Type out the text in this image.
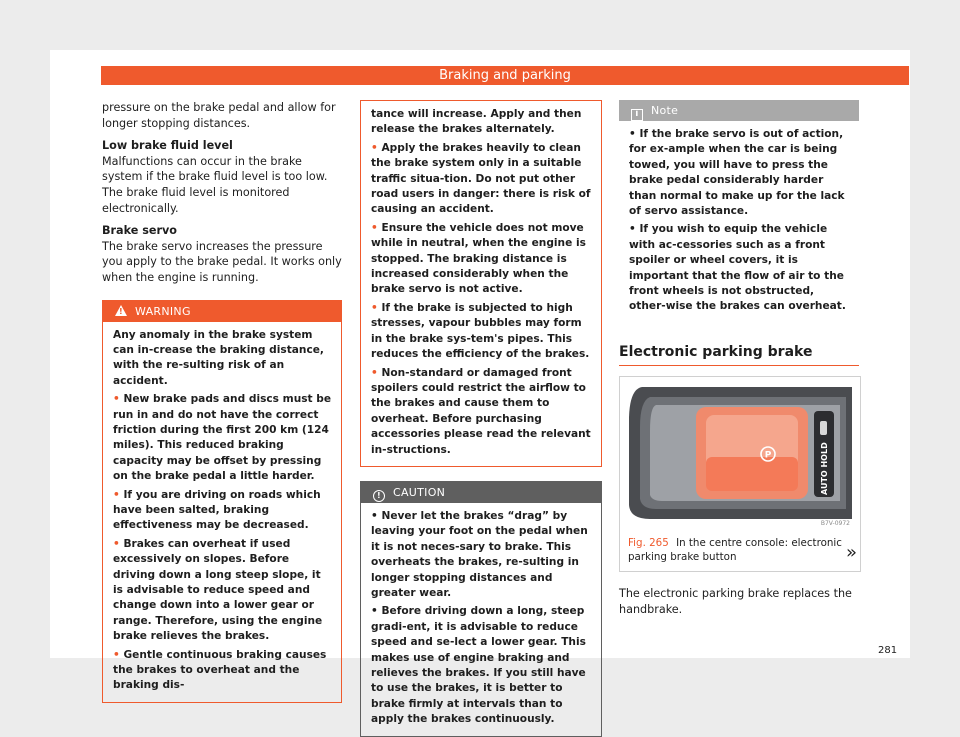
Braking and parking
pressure on the brake pedal and allow for longer stopping distances.
Low brake fluid level
Malfunctions can occur in the brake system if the brake fluid level is too low. The brake fluid level is monitored electronically.
Brake servo
The brake servo increases the pressure you apply to the brake pedal. It works only when the engine is running.
!WARNING
Any anomaly in the brake system can in-crease the braking distance, with the re-sulting risk of an accident.
• New brake pads and discs must be run in and do not have the correct friction during the first 200 km (124 miles). This reduced braking capacity may be offset by pressing on the brake pedal a little harder.
• If you are driving on roads which have been salted, braking effectiveness may be decreased.
• Brakes can overheat if used excessively on slopes. Before driving down a long steep slope, it is advisable to reduce speed and change down into a lower gear or range. Therefore, using the engine brake relieves the brakes.
• Gentle continuous braking causes the brakes to overheat and the braking dis-
tance will increase. Apply and then release the brakes alternately.
• Apply the brakes heavily to clean the brake system only in a suitable traffic situa-tion. Do not put other road users in danger: there is risk of causing an accident.
• Ensure the vehicle does not move while in neutral, when the engine is stopped. The braking distance is increased considerably when the brake servo is not active.
• If the brake is subjected to high stresses, vapour bubbles may form in the brake sys-tem's pipes. This reduces the efficiency of the brakes.
• Non-standard or damaged front spoilers could restrict the airflow to the brakes and cause them to overheat. Before purchasing accessories please read the relevant in-structions.
! CAUTION
• Never let the brakes “drag” by leaving your foot on the pedal when it is not neces-sary to brake. This overheats the brakes, re-sulting in longer stopping distances and greater wear.
• Before driving down a long, steep gradi-ent, it is advisable to reduce speed and se-lect a lower gear. This makes use of engine braking and relieves the brakes. If you still have to use the brakes, it is better to brake firmly at intervals than to apply the brakes continuously.
i Note
• If the brake servo is out of action, for ex-ample when the car is being towed, you will have to press the brake pedal considerably harder than normal to make up for the lack of servo assistance.
• If you wish to equip the vehicle with ac-cessories such as a front spoiler or wheel covers, it is important that the flow of air to the front wheels is not obstructed, other-wise the brakes can overheat.
Electronic parking brake
P	AUTO HOLD
B7V-0972
Fig. 265 In the centre console: electronic parking brake button
The electronic parking brake replaces the handbrake.
»
281
